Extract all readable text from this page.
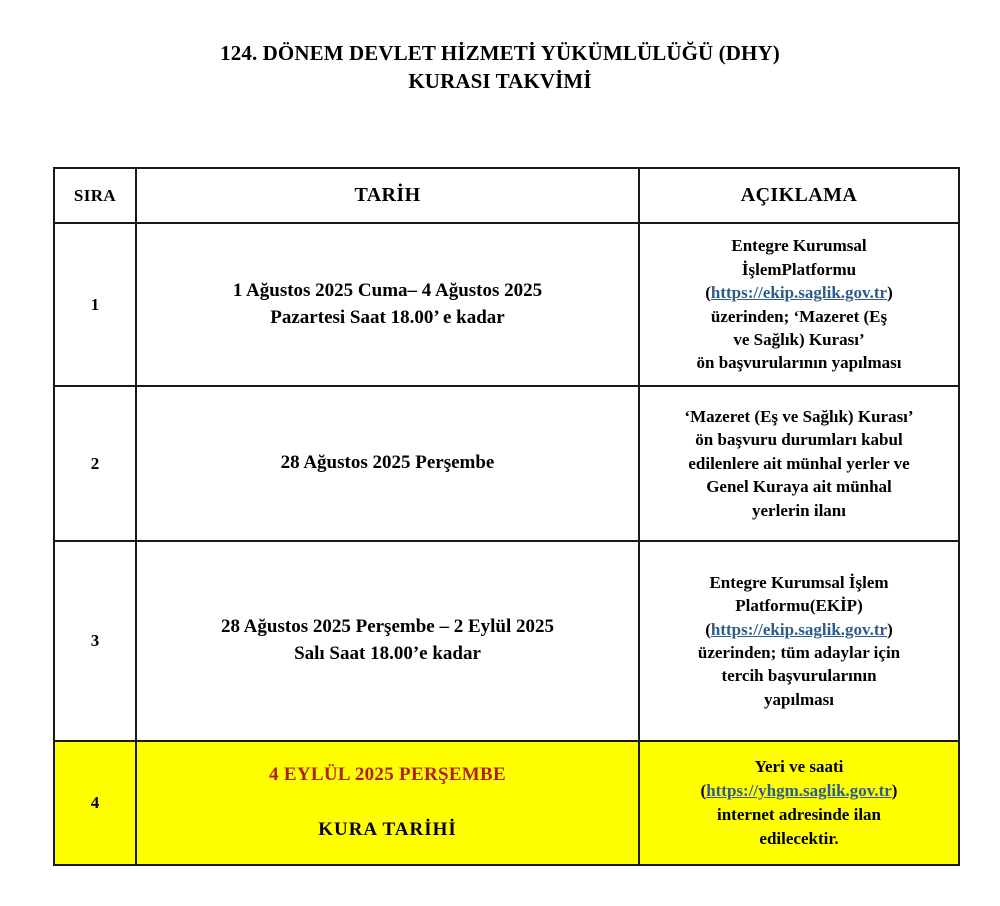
124. DÖNEM DEVLET HİZMETİ YÜKÜMLÜLÜĞÜ (DHY)
KURASI TAKVİMİ
SIRA	TARİH	AÇIKLAMA
1	1 Ağustos 2025 Cuma– 4 Ağustos 2025
Pazartesi Saat 18.00’ e kadar	Entegre Kurumsal
İşlemPlatformu
(https://ekip.saglik.gov.tr)
üzerinden; ‘Mazeret (Eş
ve Sağlık) Kurası’
ön başvurularının yapılması
2	28 Ağustos 2025 Perşembe	‘Mazeret (Eş ve Sağlık) Kurası’
ön başvuru durumları kabul
edilenlere ait münhal yerler ve
Genel Kuraya ait münhal
yerlerin ilanı
3	28 Ağustos 2025 Perşembe – 2 Eylül 2025
Salı Saat 18.00’e kadar	Entegre Kurumsal İşlem
Platformu(EKİP)
(https://ekip.saglik.gov.tr)
üzerinden; tüm adaylar için
tercih başvurularının
yapılması
4	4 EYLÜL 2025 PERŞEMBE
KURA TARİHİ	Yeri ve saati
(https://yhgm.saglik.gov.tr)
internet adresinde ilan
edilecektir.
